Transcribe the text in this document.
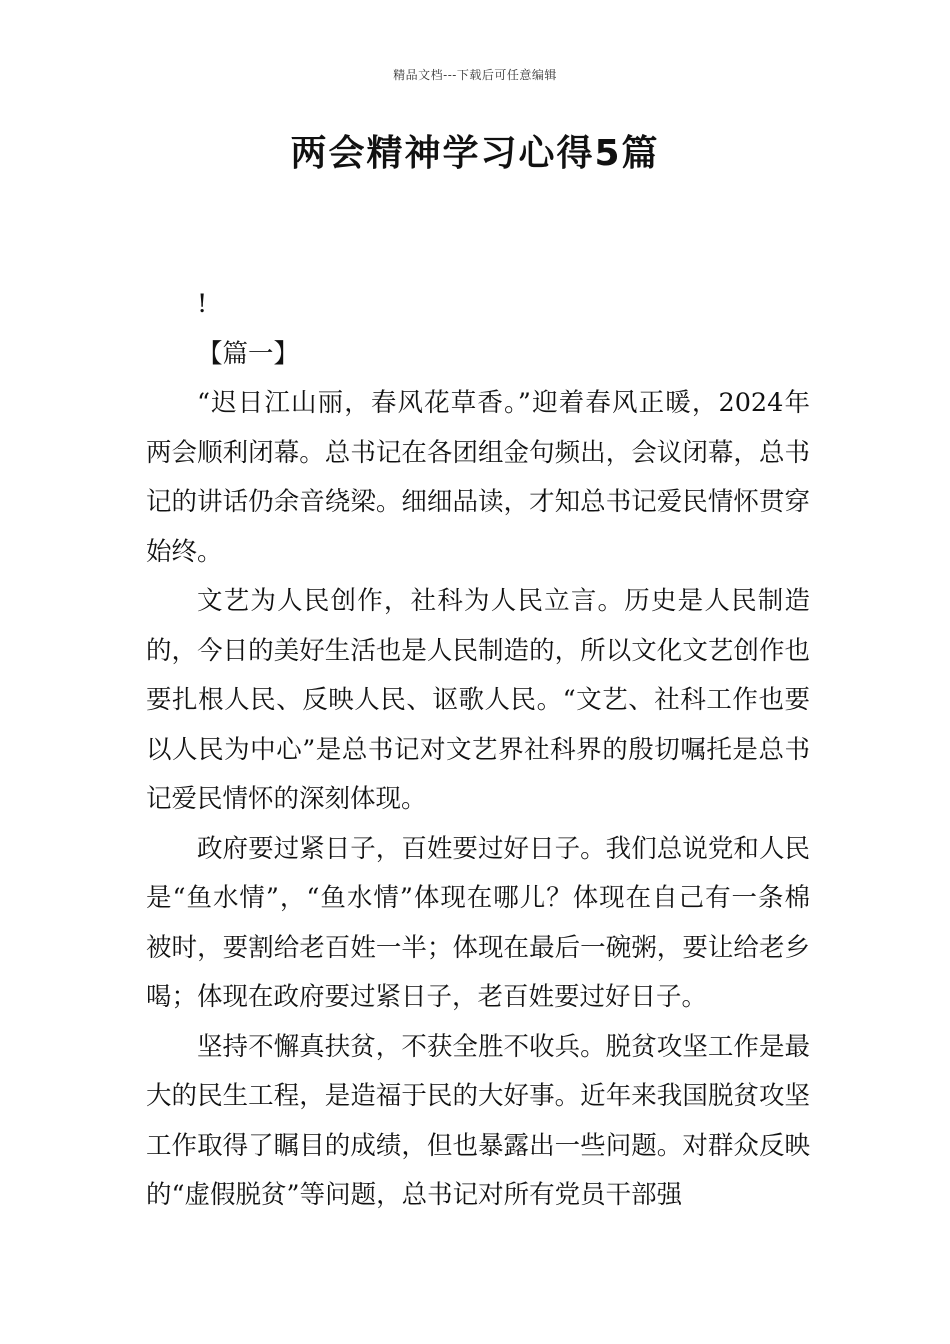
精品文档---下载后可任意编辑
两会精神学习心得5篇

!

【篇一】

“迟日江山丽，春风花草香。”迎着春风正暖，2024年两会顺利闭幕。总书记在各团组金句频出，会议闭幕，总书记的讲话仍余音绕梁。细细品读，才知总书记爱民情怀贯穿始终。

文艺为人民创作，社科为人民立言。历史是人民制造的，今日的美好生活也是人民制造的，所以文化文艺创作也要扎根人民、反映人民、讴歌人民。“文艺、社科工作也要以人民为中心”是总书记对文艺界社科界的殷切嘱托是总书记爱民情怀的深刻体现。

政府要过紧日子，百姓要过好日子。我们总说党和人民是“鱼水情”，“鱼水情”体现在哪儿？体现在自己有一条棉被时，要割给老百姓一半；体现在最后一碗粥，要让给老乡喝；体现在政府要过紧日子，老百姓要过好日子。

坚持不懈真扶贫，不获全胜不收兵。脱贫攻坚工作是最大的民生工程，是造福于民的大好事。近年来我国脱贫攻坚工作取得了瞩目的成绩，但也暴露出一些问题。对群众反映的“虚假脱贫”等问题，总书记对所有党员干部强
